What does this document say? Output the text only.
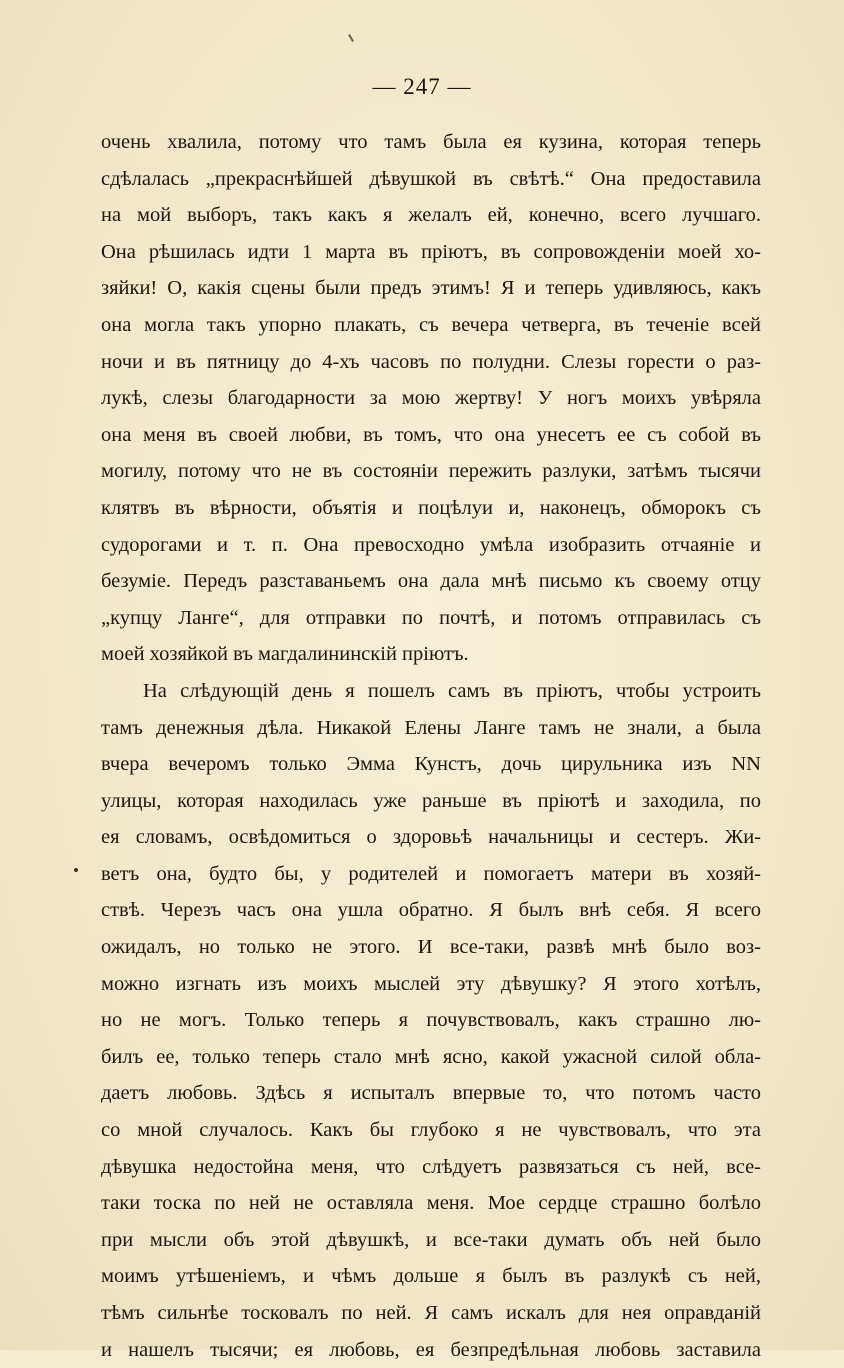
— 247 —
очень хвалила, потому что тамъ была ея кузина, которая теперь
сдѣлалась „прекраснѣйшей дѣвушкой въ свѣтѣ.“ Она предоставила
на мой выборъ, такъ какъ я желалъ ей, конечно, всего лучшаго.
Она рѣшилась идти 1 марта въ пріютъ, въ сопровожденіи моей хо-
зяйки! О, какія сцены были предъ этимъ! Я и теперь удивляюсь, какъ
она могла такъ упорно плакать, съ вечера четверга, въ теченіе всей
ночи и въ пятницу до 4-хъ часовъ по полудни. Слезы горести о раз-
лукѣ, слезы благодарности за мою жертву! У ногъ моихъ увѣряла
она меня въ своей любви, въ томъ, что она унесетъ ее съ собой въ
могилу, потому что не въ состояніи пережить разлуки, затѣмъ тысячи
клятвъ въ вѣрности, объятія и поцѣлуи и, наконецъ, обморокъ съ
судорогами и т. п. Она превосходно умѣла изобразить отчаяніе и
безуміе. Передъ разставаньемъ она дала мнѣ письмо къ своему отцу
„купцу Ланге“, для отправки по почтѣ, и потомъ отправилась съ
моей хозяйкой въ магдалининскій пріютъ.
На слѣдующій день я пошелъ самъ въ пріютъ, чтобы устроить
тамъ денежныя дѣла. Никакой Елены Ланге тамъ не знали, а была
вчера вечеромъ только Эмма Кунстъ, дочь цирульника изъ NN
улицы, которая находилась уже раньше въ пріютѣ и заходила, по
ея словамъ, освѣдомиться о здоровьѣ начальницы и сестеръ. Жи-
ветъ она, будто бы, у родителей и помогаетъ матери въ хозяй-
ствѣ. Черезъ часъ она ушла обратно. Я былъ внѣ себя. Я всего
ожидалъ, но только не этого. И все-таки, развѣ мнѣ было воз-
можно изгнать изъ моихъ мыслей эту дѣвушку? Я этого хотѣлъ,
но не могъ. Только теперь я почувствовалъ, какъ страшно лю-
билъ ее, только теперь стало мнѣ ясно, какой ужасной силой обла-
даетъ любовь. Здѣсь я испыталъ впервые то, что потомъ часто
со мной случалось. Какъ бы глубоко я не чувствовалъ, что эта
дѣвушка недостойна меня, что слѣдуетъ развязаться съ ней, все-
таки тоска по ней не оставляла меня. Мое сердце страшно болѣло
при мысли объ этой дѣвушкѣ, и все-таки думать объ ней было
моимъ утѣшеніемъ, и чѣмъ дольше я былъ въ разлукѣ съ ней,
тѣмъ сильнѣе тосковалъ по ней. Я самъ искалъ для нея оправданій
и нашелъ тысячи; ея любовь, ея безпредѣльная любовь заставила
